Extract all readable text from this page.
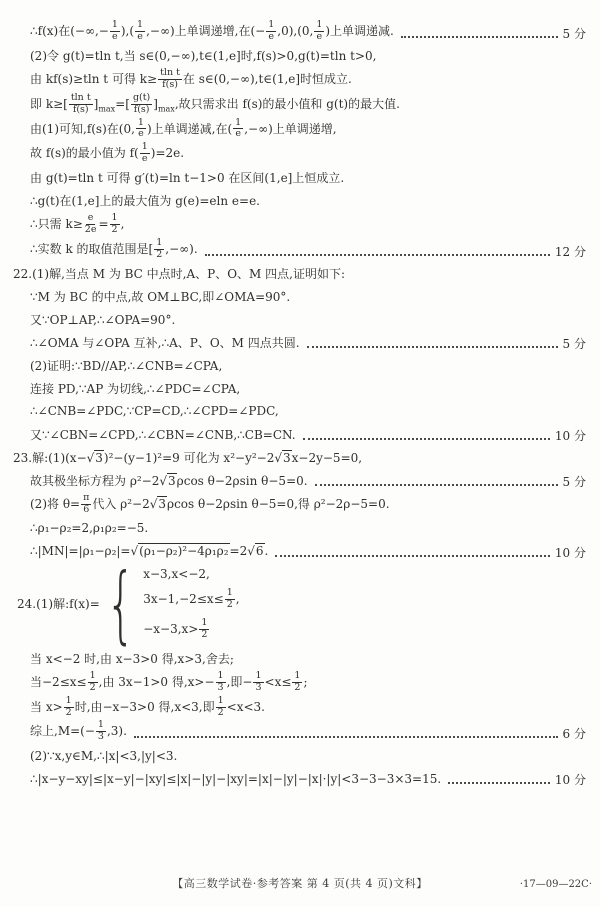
∴f(x)在(−∞,− $\frac{1}{e}$ ),( $\frac{1}{e}$ ,−∞)上单调递增,在(− $\frac{1}{e} ,0),(0$, $\frac{1}{e}$ )上单调递减.	5 分
(2)令 g(t)=tln t,当 s∈(0,−∞),t∈(1,e]时,f(s)>0,g(t)=tln t>0,
由 kf(s)≥tln t 可得 $k\ge \frac{\text{tln t}}{f(s)}$ 在 s∈(0,−∞),t∈(1,e]时恒成立.
即 $k\ge[ \frac{\text{tln t}}{f(s)} ]_{max}=[ \frac{g(t)}{f(s)} ]_{max}$,故只需求出 f(s)的最小值和 g(t)的最大值.
由(1)可知,f(s)在(0, $\frac{1}{e}$ )上单调递减,在( $\frac{1}{e}$ ,−∞)上单调递增,
故 f(s)的最小值为 $f( \frac{1}{e} )=2e$.
由 g(t)=tln t 可得 g′(t)=ln t−1>0 在区间(1,e]上恒成立.
∴g(t)在(1,e]上的最大值为 g(e)=eln e=e.
∴只需 $k\ge \frac{e}{2e} = \frac{1}{2}$ ,
∴实数 k 的取值范围是[ $\frac{1}{2}$ ,−∞).	12 分
22.(1)解,当点 M 为 BC 中点时,A、P、O、M 四点,证明如下:
∵M 为 BC 的中点,故 OM⊥BC,即∠OMA=90°.
又∵OP⊥AP,∴∠OPA=90°.
∴∠OMA 与∠OPA 互补,∴A、P、O、M 四点共圆.	5 分
(2)证明:∵BD//AP,∴∠CNB=∠CPA,
连接 PD,∵AP 为切线,∴∠PDC=∠CPA,
∴∠CNB=∠PDC,∵CP=CD,∴∠CPD=∠PDC,
又∵∠CBN=∠CPD,∴∠CBN=∠CNB,∴CB=CN.	10 分
23.解:(1)(x−√3)²−(y−1)²=9 可化为 x²−y²−2√3x−2y−5=0,
故其极坐标方程为 ρ²−2√3ρcos θ−2ρsin θ−5=0.	5 分
(2)将 $\theta= \frac{\pi}{6}$ 代入 ρ²−2√3ρcos θ−2ρsin θ−5=0,得 ρ²−2ρ−5=0.
∴ρ₁−ρ₂=2,ρ₁ρ₂=−5.
∴|MN|=|ρ₁−ρ₂|=√(ρ₁−ρ₂)²−4ρ₁ρ₂=2√6.	10 分
24.(1)解:f(x)= { x−3,x<−2,
$3x-1,-2\le x\le \frac{1}{2}$ ,
$-x-3,x> \frac{1}{2}$
当 x<−2 时,由 x−3>0 得,x>3,舍去;
当$-2\le x\le \frac{1}{2}$ ,由 3x−1>0 得$,x>- \frac{1}{3}$ ,即− $\frac{1}{3} <x\le \frac{1}{2}$ ;
当 $x> \frac{1}{2}$ 时,由−x−3>0 得,x<3,即 $\frac{1}{2} <x<3$.
综上$,M=(- \frac{1}{3} ,3)$.	6 分
(2)∵x,y∈M,∴|x|<3,|y|<3.
∴|x−y−xy|≤|x−y|−|xy|≤|x|−|y|−|xy|=|x|−|y|−|x|·|y|<3−3−3×3=15.	10 分
【高三数学试卷·参考答案 第 4 页(共 4 页)文科】	·17—09—22C·
